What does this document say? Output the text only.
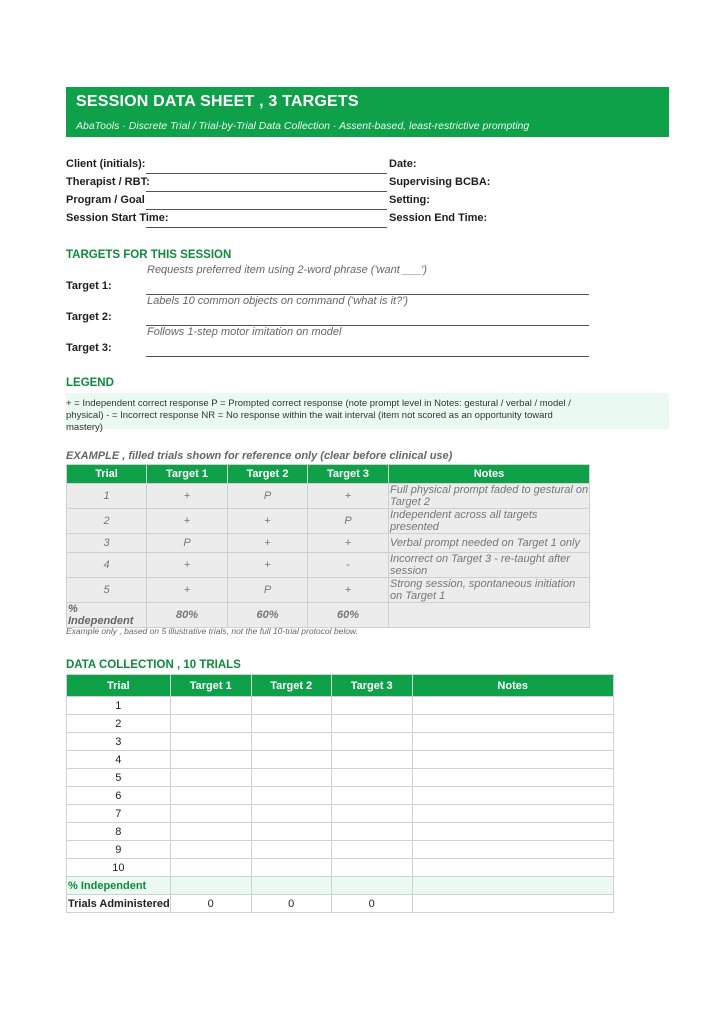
SESSION DATA SHEET , 3 TARGETS
AbaTools · Discrete Trial / Trial-by-Trial Data Collection · Assent-based, least-restrictive prompting
Client (initials):	Date:
Therapist / RBT:	Supervising BCBA:
Program / Goal	Setting:
Session Start Time:	Session End Time:
TARGETS FOR THIS SESSION
Target 1:
Requests preferred item using 2-word phrase ('want ___')
Target 2:
Labels 10 common objects on command ('what is it?')
Target 3:
Follows 1-step motor imitation on model
LEGEND
+ = Independent correct response P = Prompted correct response (note prompt level in Notes: gestural / verbal / model / physical) - = Incorrect response NR = No response within the wait interval (item not scored as an opportunity toward mastery)
EXAMPLE , filled trials shown for reference only (clear before clinical use)
Trial	Target 1	Target 2	Target 3	Notes
1	+	P	+	Full physical prompt faded to gestural on Target 2
2	+	+	P	Independent across all targets presented
3	P	+	+	Verbal prompt needed on Target 1 only
4	+	+	-	Incorrect on Target 3 - re-taught after session
5	+	P	+	Strong session, spontaneous initiation on Target 1
% Independent	80%	60%	60%	
Example only , based on 5 illustrative trials, not the full 10-trial protocol below.
DATA COLLECTION , 10 TRIALS
Trial	Target 1	Target 2	Target 3	Notes
1				
2				
3				
4				
5				
6				
7				
8				
9				
10				
% Independent				
Trials Administered	0	0	0	
